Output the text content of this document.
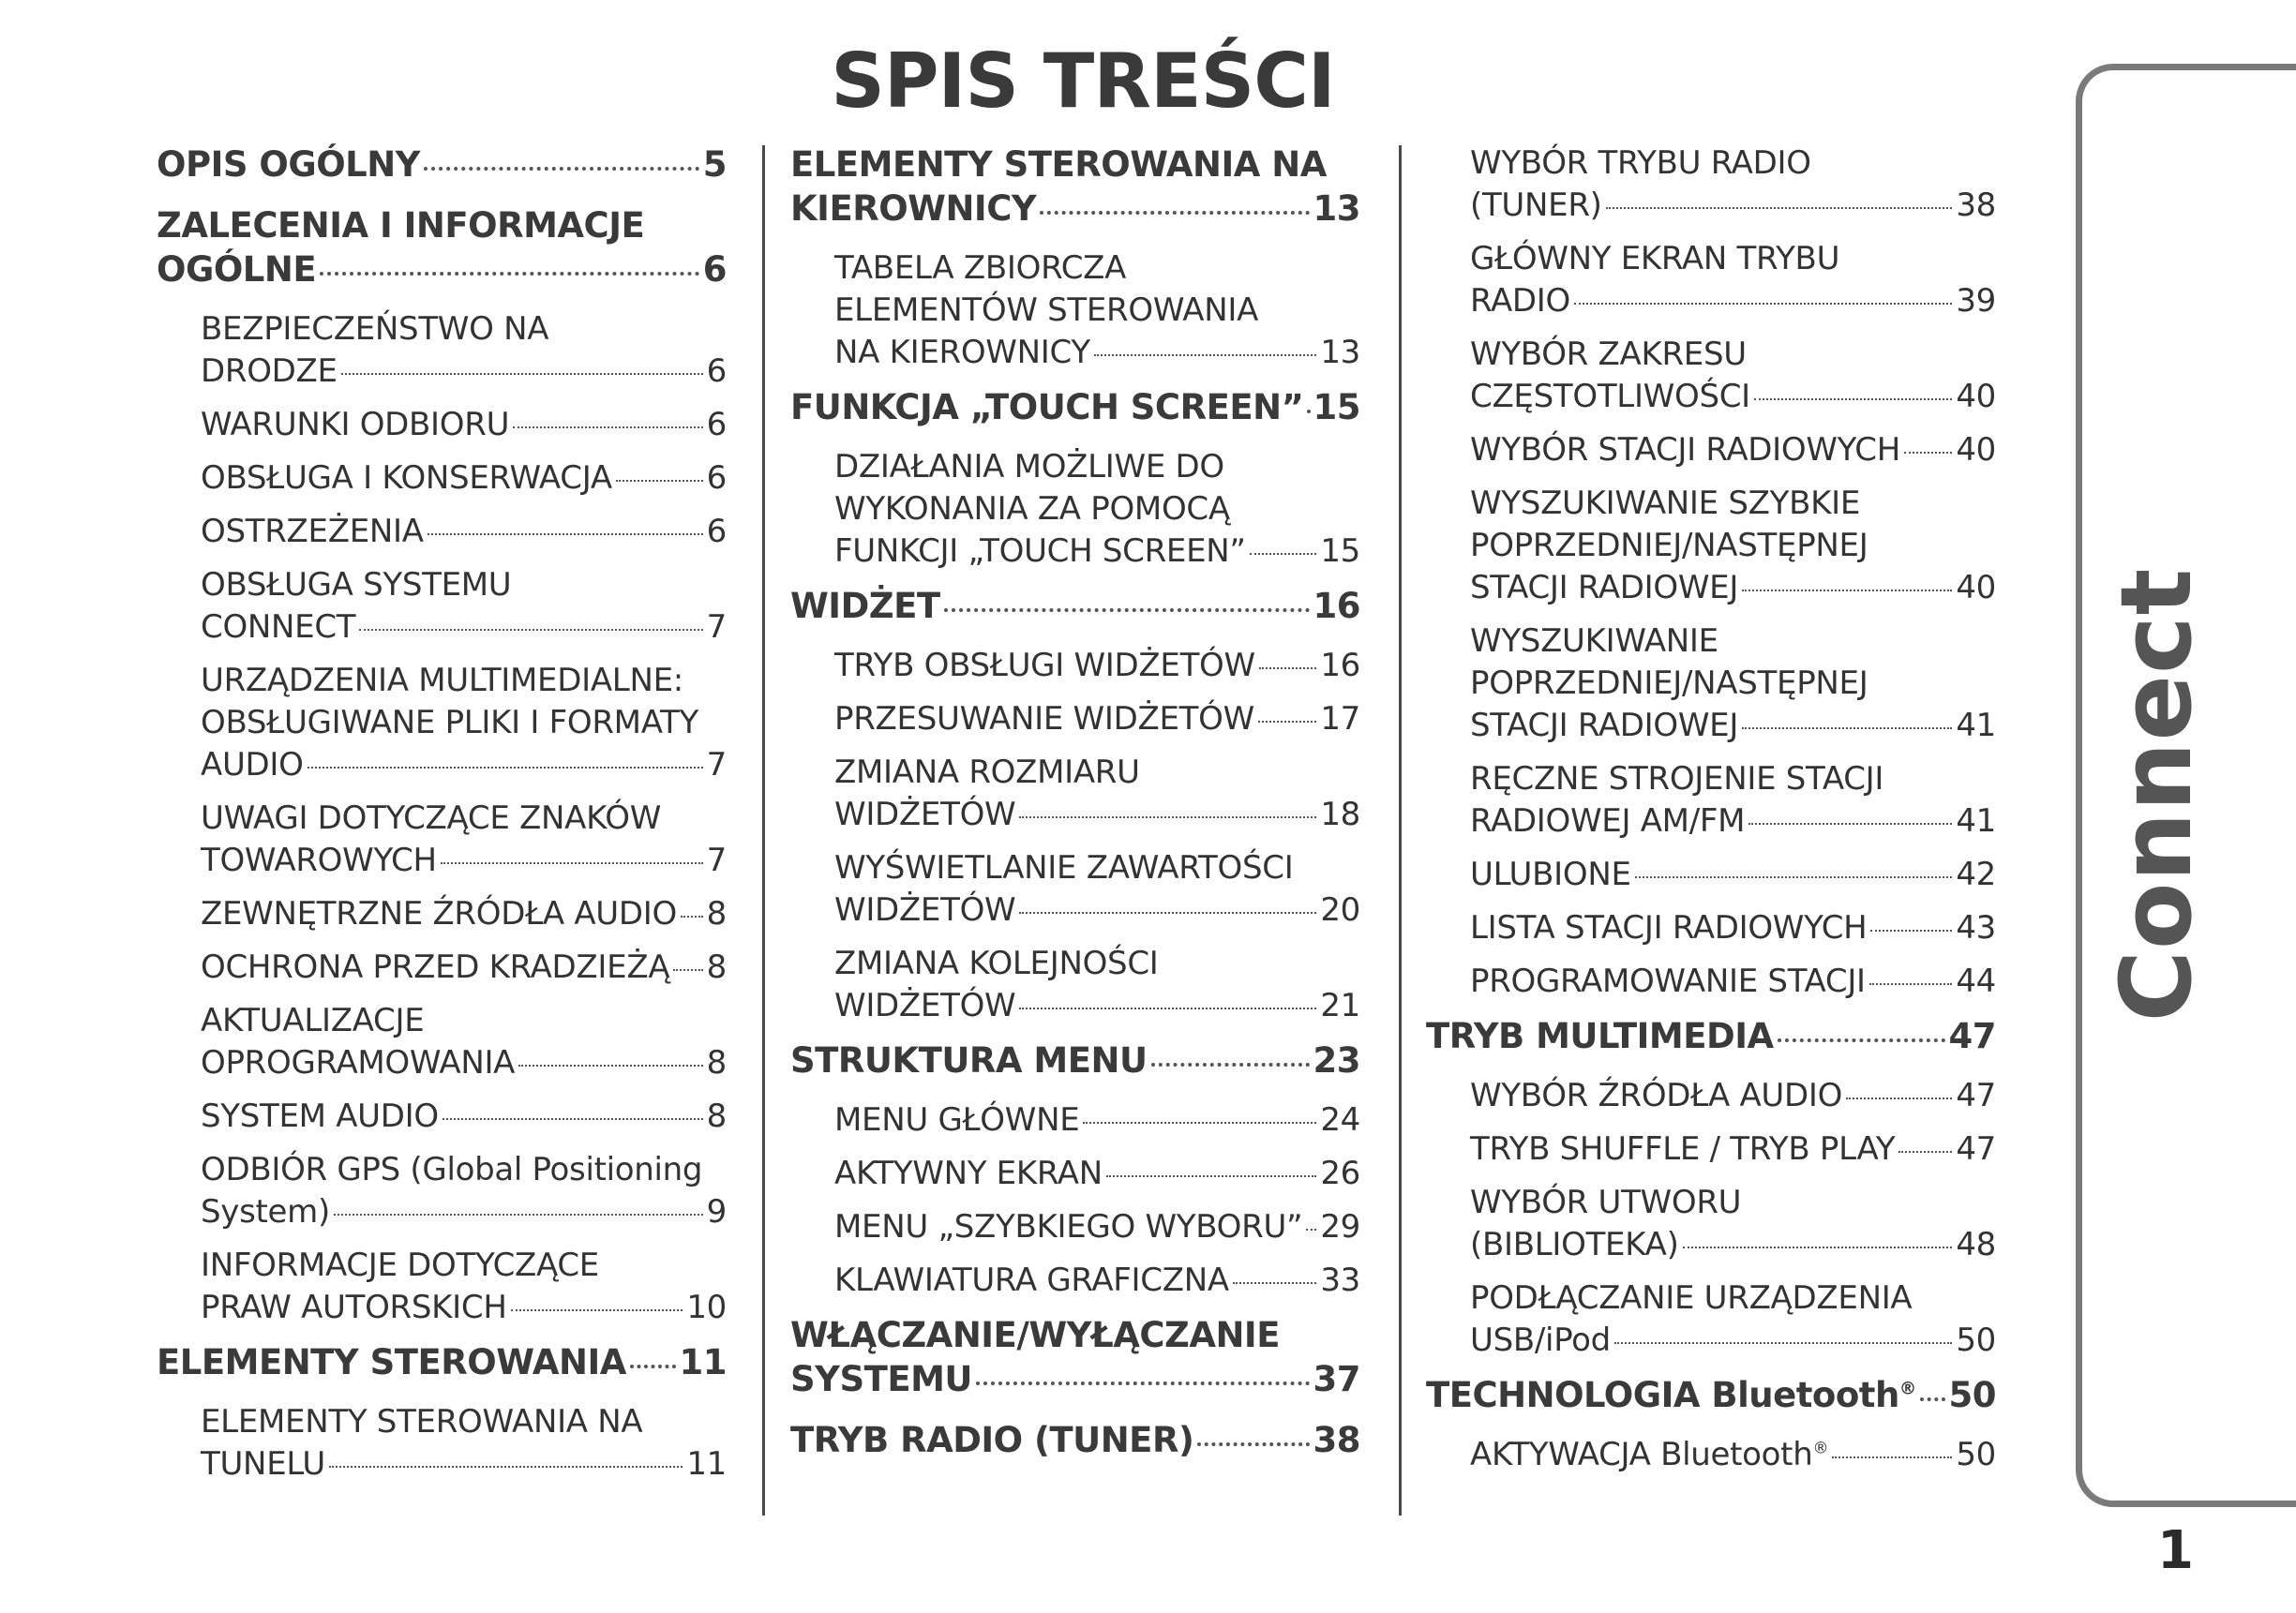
SPIS TREŚCI
OPIS OGÓLNY	5
ZALECENIA I INFORMACJE
OGÓLNE	6
BEZPIECZEŃSTWO NA
DRODZE	6
WARUNKI ODBIORU	6
OBSŁUGA I KONSERWACJA	6
OSTRZEŻENIA	6
OBSŁUGA SYSTEMU
CONNECT	7
URZĄDZENIA MULTIMEDIALNE:
OBSŁUGIWANE PLIKI I FORMATY
AUDIO	7
UWAGI DOTYCZĄCE ZNAKÓW
TOWAROWYCH	7
ZEWNĘTRZNE ŹRÓDŁA AUDIO 8
OCHRONA PRZED KRADZIEŻĄ 8
AKTUALIZACJE
OPROGRAMOWANIA	8
SYSTEM AUDIO	8
ODBIÓR GPS (Global Positioning
System)	9
INFORMACJE DOTYCZĄCE
PRAW AUTORSKICH	10
ELEMENTY STEROWANIA 11
ELEMENTY STEROWANIA NA
TUNELU	11
ELEMENTY STEROWANIA NA
KIEROWNICY	13
TABELA ZBIORCZA
ELEMENTÓW STEROWANIA
NA KIEROWNICY	13
FUNKCJA „TOUCH SCREEN” 15
DZIAŁANIA MOŻLIWE DO
WYKONANIA ZA POMOCĄ
FUNKCJI „TOUCH SCREEN” 15
WIDŻET	16
TRYB OBSŁUGI WIDŻETÓW 16
PRZESUWANIE WIDŻETÓW 17
ZMIANA ROZMIARU
WIDŻETÓW	18
WYŚWIETLANIE ZAWARTOŚCI
WIDŻETÓW	20
ZMIANA KOLEJNOŚCI
WIDŻETÓW	21
STRUKTURA MENU	23
MENU GŁÓWNE	24
AKTYWNY EKRAN	26
MENU „SZYBKIEGO WYBORU” 29
KLAWIATURA GRAFICZNA	33
WŁĄCZANIE/WYŁĄCZANIE
SYSTEMU	37
TRYB RADIO (TUNER)	38
WYBÓR TRYBU RADIO
(TUNER)	38
GŁÓWNY EKRAN TRYBU
RADIO	39
WYBÓR ZAKRESU
CZĘSTOTLIWOŚCI	40
WYBÓR STACJI RADIOWYCH 40
WYSZUKIWANIE SZYBKIE
POPRZEDNIEJ/NASTĘPNEJ
STACJI RADIOWEJ	40
WYSZUKIWANIE
POPRZEDNIEJ/NASTĘPNEJ
STACJI RADIOWEJ	41
RĘCZNE STROJENIE STACJI
RADIOWEJ AM/FM	41
ULUBIONE	42
LISTA STACJI RADIOWYCH	43
PROGRAMOWANIE STACJI	44
TRYB MULTIMEDIA	47
WYBÓR ŹRÓDŁA AUDIO	47
TRYB SHUFFLE / TRYB PLAY 47
WYBÓR UTWORU
(BIBLIOTEKA)	48
PODŁĄCZANIE URZĄDZENIA
USB/iPod	50
TECHNOLOGIA Bluetooth® 50
AKTYWACJA Bluetooth®	50
Connect
1
